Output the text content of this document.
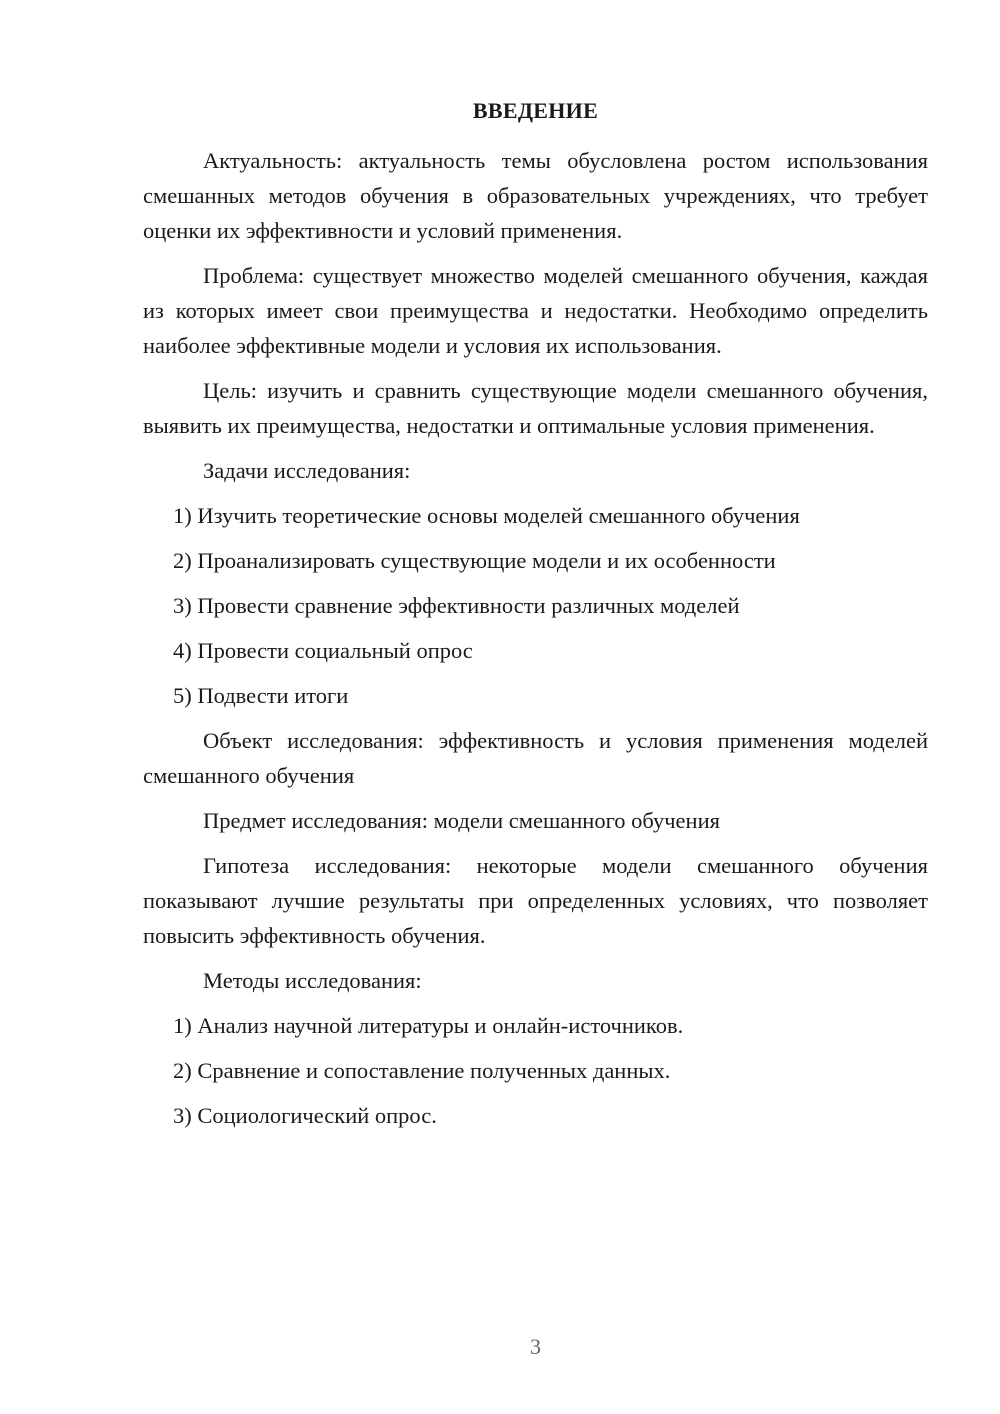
ВВЕДЕНИЕ

Актуальность: актуальность темы обусловлена ростом использования смешанных методов обучения в образовательных учреждениях, что требует оценки их эффективности и условий применения.

Проблема: существует множество моделей смешанного обучения, каждая из которых имеет свои преимущества и недостатки. Необходимо определить наиболее эффективные модели и условия их использования.

Цель: изучить и сравнить существующие модели смешанного обучения, выявить их преимущества, недостатки и оптимальные условия применения.

Задачи исследования:

1) Изучить теоретические основы моделей смешанного обучения

2) Проанализировать существующие модели и их особенности

3) Провести сравнение эффективности различных моделей

4) Провести социальный опрос

5) Подвести итоги

Объект исследования: эффективность и условия применения моделей смешанного обучения

Предмет исследования: модели смешанного обучения

Гипотеза исследования: некоторые модели смешанного обучения показывают лучшие результаты при определенных условиях, что позволяет повысить эффективность обучения.

Методы исследования:

1) Анализ научной литературы и онлайн-источников.

2) Сравнение и сопоставление полученных данных.

3) Социологический опрос.

3
